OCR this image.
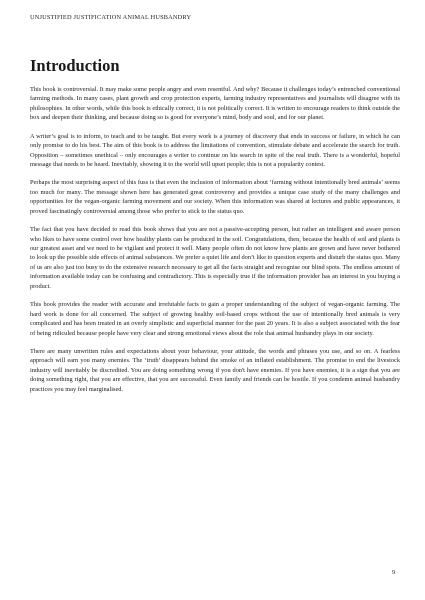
UNJUSTIFIED JUSTIFICATION ANIMAL HUSBANDRY
Introduction

This book is controversial. It may make some people angry and even resentful. And why? Because it challenges today’s entrenched conventional farming methods. In many cases, plant growth and crop protection experts, farming industry representatives and journalists will disagree with its philosophies. In other words, while this book is ethically correct, it is not politically correct. It is written to encourage readers to think outside the box and deepen their thinking, and because doing so is good for everyone’s mind, body and soul, and for our planet.

A writer’s goal is to inform, to teach and to be taught. But every work is a journey of discovery that ends in success or failure, in which he can only promise to do his best. The aim of this book is to address the limitations of convention, stimulate debate and accelerate the search for truth. Opposition – sometimes unethical – only encourages a writer to continue on his search in spite of the real truth. There is a wonderful, hopeful message that needs to be heard. Inevitably, showing it to the world will upset people; this is not a popularity contest.

Perhaps the most surprising aspect of this fuss is that even the inclusion of information about ‘farming without intentionally bred animals’ seems too much for many. The message shown here has generated great controversy and provides a unique case study of the many challenges and opportunities for the vegan-organic farming movement and our society. When this information was shared at lectures and public appearances, it proved fascinatingly controversial among those who prefer to stick to the status quo.

The fact that you have decided to read this book shows that you are not a passive-accepting person, but rather an intelligent and aware person who likes to have some control over how healthy plants can be produced in the soil. Congratulations, then, because the health of soil and plants is our greatest asset and we need to be vigilant and protect it well. Many people often do not know how plants are grown and have never bothered to look up the possible side effects of animal substances. We prefer a quiet life and don’t like to question experts and disturb the status quo. Many of us are also just too busy to do the extensive research necessary to get all the facts straight and recognise our blind spots. The endless amount of information available today can be confusing and contradictory. This is especially true if the information provider has an interest in you buying a product.

This book provides the reader with accurate and irrefutable facts to gain a proper understanding of the subject of vegan-organic farming. The hard work is done for all concerned. The subject of growing healthy soil-based crops without the use of intentionally bred animals is very complicated and has been treated in an overly simplistic and superficial manner for the past 20 years. It is also a subject associated with the fear of being ridiculed because people have very clear and strong emotional views about the role that animal husbandry plays in our society.

There are many unwritten rules and expectations about your behaviour, your attitude, the words and phrases you use, and so on. A fearless approach will earn you many enemies. The ‘truth’ disappears behind the smoke of an inflated establishment. The promise to end the livestock industry will inevitably be discredited. You are doing something wrong if you don't have enemies. If you have enemies, it is a sign that you are doing something right, that you are effective, that you are successful. Even family and friends can be hostile. If you condemn animal husbandry practices you may feel marginalised.

9
